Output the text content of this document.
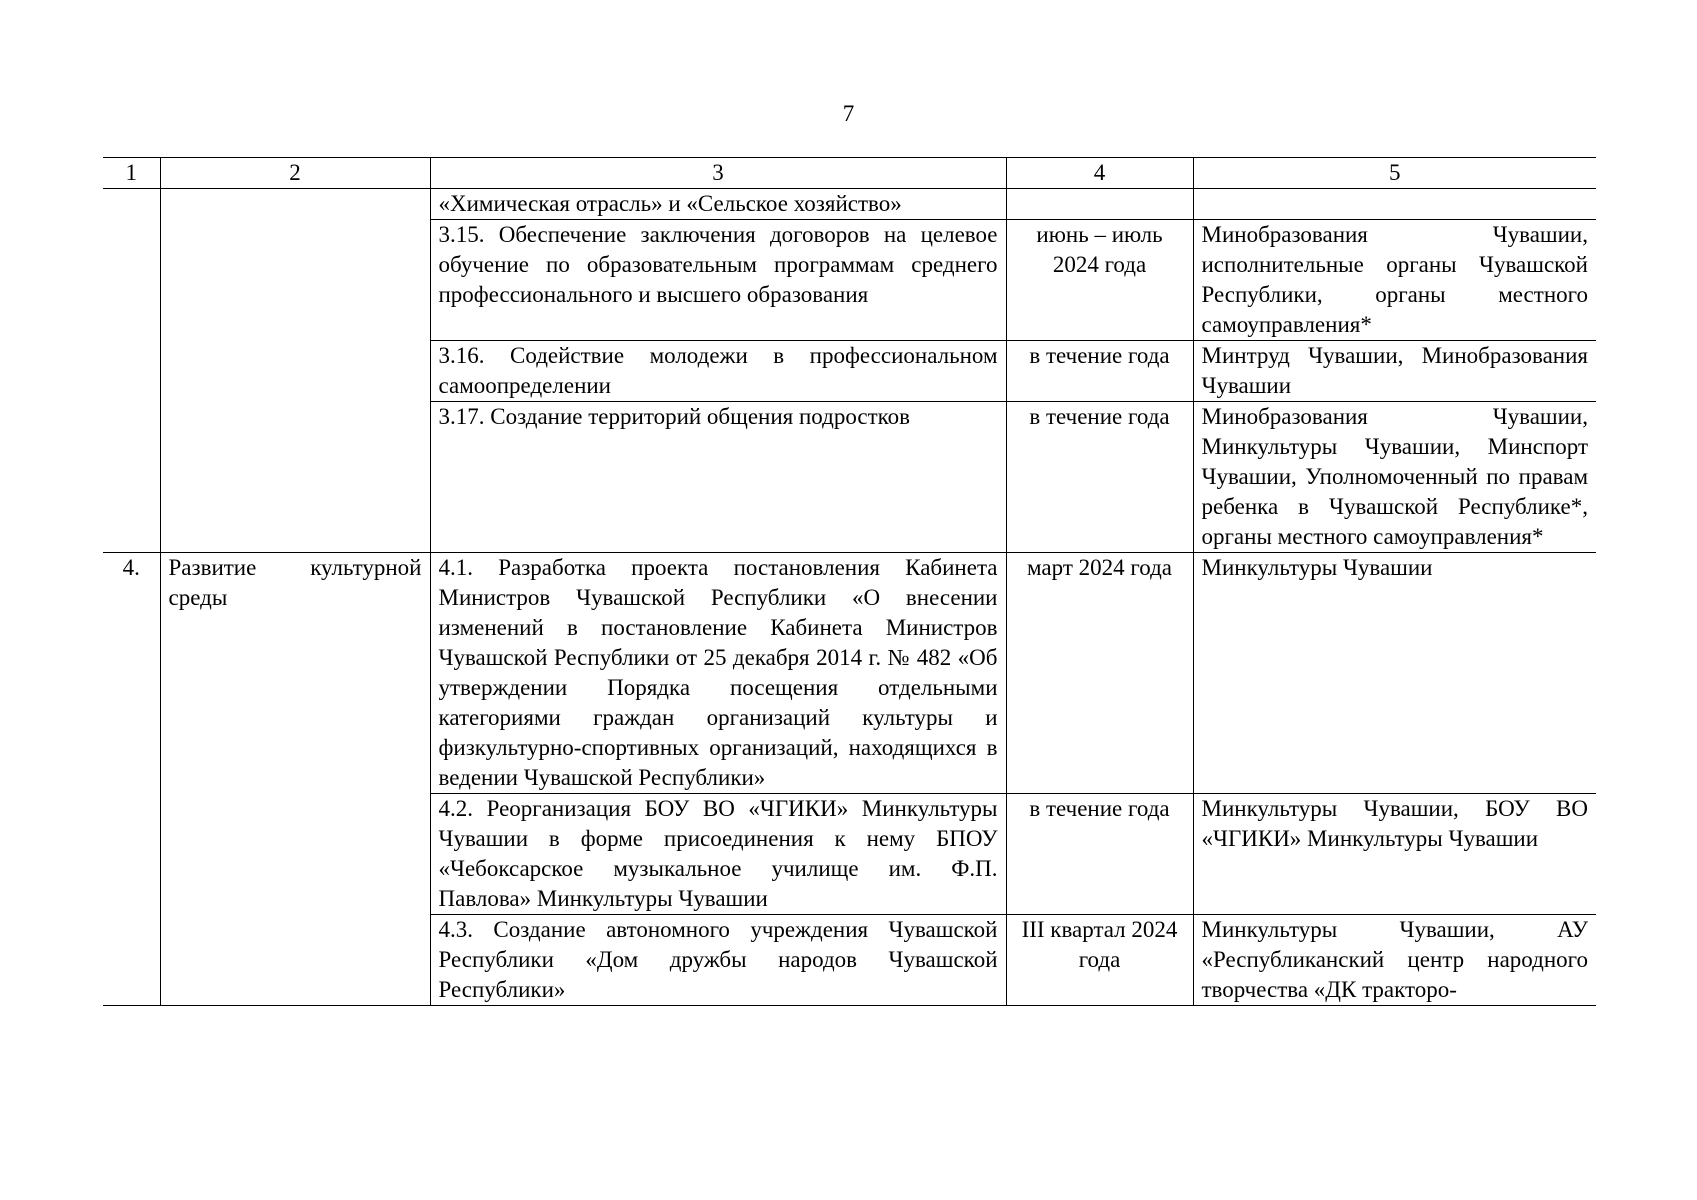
7
1	2	3	4	5
		«Химическая отрасль» и «Сельское хозяйство»		
		3.15. Обеспечение заключения договоров на целевое обучение по образовательным программам среднего профессионального и высшего образования	июнь – июль 2024 года	Минобразования Чувашии, исполнительные органы Чувашской Республики, органы местного самоуправления*
		3.16. Содействие молодежи в профессиональном самоопределении	в течение года	Минтруд Чувашии, Минобразования Чувашии
		3.17. Создание территорий общения подростков	в течение года	Минобразования Чувашии, Минкультуры Чувашии, Минспорт Чувашии, Уполномоченный по правам ребенка в Чувашской Республике*, органы местного самоуправления*
4.	Развитие культурной среды	4.1. Разработка проекта постановления Кабинета Министров Чувашской Республики «О внесении изменений в постановление Кабинета Министров Чувашской Республики от 25 декабря 2014 г. № 482 «Об утверждении Порядка посещения отдельными категориями граждан организаций культуры и физкультурно-спортивных организаций, находящихся в ведении Чувашской Республики»	март 2024 года	Минкультуры Чувашии
		4.2. Реорганизация БОУ ВО «ЧГИКИ» Минкультуры Чувашии в форме присоединения к нему БПОУ «Чебоксарское музыкальное училище им. Ф.П. Павлова» Минкультуры Чувашии	в течение года	Минкультуры Чувашии, БОУ ВО «ЧГИКИ» Минкультуры Чувашии
		4.3. Создание автономного учреждения Чувашской Республики «Дом дружбы народов Чувашской Республики»	III квартал 2024 года	Минкультуры Чувашии, АУ «Республиканский центр народного творчества «ДК тракторо-
